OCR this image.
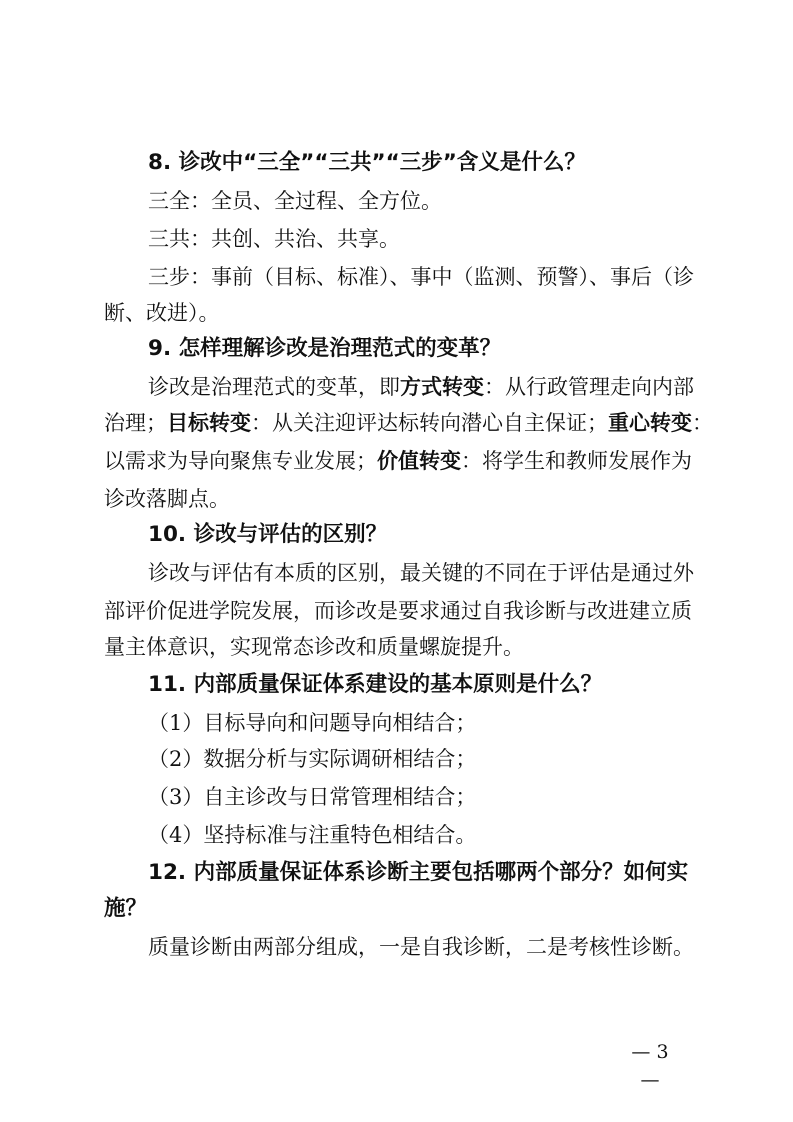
8. 诊改中“三全”“三共”“三步”含义是什么？
三全：全员、全过程、全方位。
三共：共创、共治、共享。
三步：事前（目标、标准）、事中（监测、预警）、事后（诊
断、改进）。
9. 怎样理解诊改是治理范式的变革？
诊改是治理范式的变革，即方式转变：从行政管理走向内部
治理；目标转变：从关注迎评达标转向潜心自主保证；重心转变：
以需求为导向聚焦专业发展；价值转变：将学生和教师发展作为
诊改落脚点。
10. 诊改与评估的区别？
诊改与评估有本质的区别，最关键的不同在于评估是通过外
部评价促进学院发展，而诊改是要求通过自我诊断与改进建立质
量主体意识，实现常态诊改和质量螺旋提升。
11. 内部质量保证体系建设的基本原则是什么？
（1）目标导向和问题导向相结合；
（2）数据分析与实际调研相结合；
（3）自主诊改与日常管理相结合；
（4）坚持标准与注重特色相结合。
12. 内部质量保证体系诊断主要包括哪两个部分？如何实
施？
质量诊断由两部分组成，一是自我诊断，二是考核性诊断。
— 3 —
